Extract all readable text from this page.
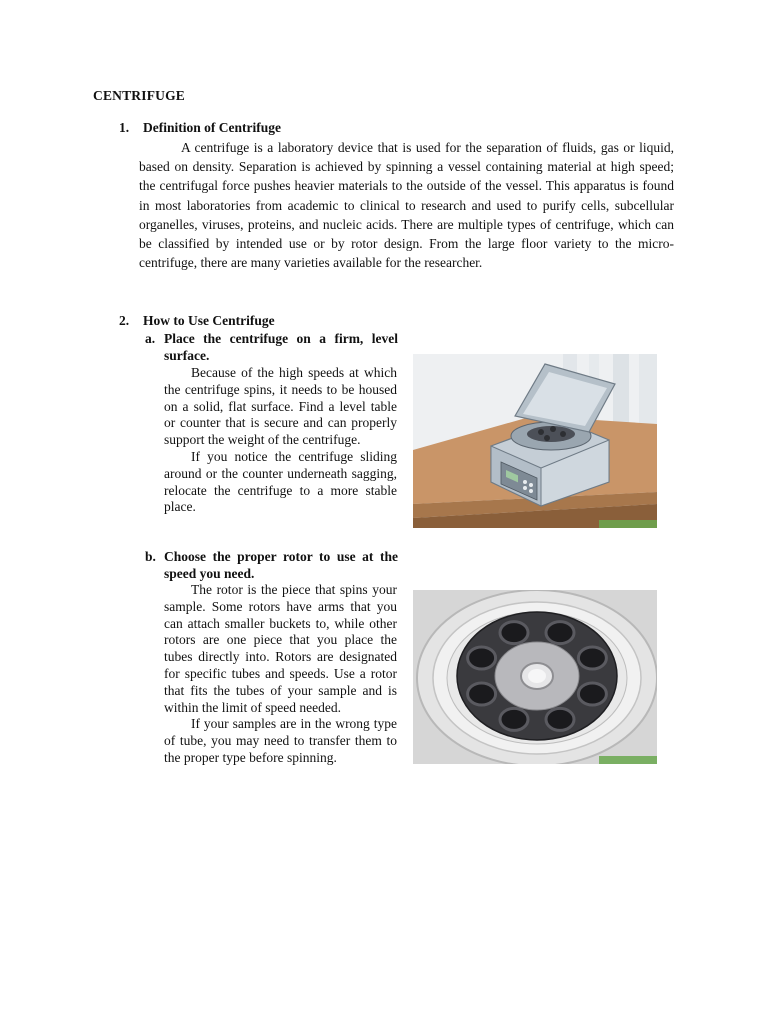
CENTRIFUGE
1. Definition of Centrifuge

A centrifuge is a laboratory device that is used for the separation of fluids, gas or liquid, based on density. Separation is achieved by spinning a vessel containing material at high speed; the centrifugal force pushes heavier materials to the outside of the vessel. This apparatus is found in most laboratories from academic to clinical to research and used to purify cells, subcellular organelles, viruses, proteins, and nucleic acids. There are multiple types of centrifuge, which can be classified by intended use or by rotor design. From the large floor variety to the micro-centrifuge, there are many varieties available for the researcher.

2. How to Use Centrifuge
a. Place the centrifuge on a firm, level surface.

Because of the high speeds at which the centrifuge spins, it needs to be housed on a solid, flat surface. Find a level table or counter that is secure and can properly support the weight of the centrifuge.

If you notice the centrifuge sliding around or the counter underneath sagging, relocate the centrifuge to a more stable place.

b. Choose the proper rotor to use at the speed you need.

The rotor is the piece that spins your sample. Some rotors have arms that you can attach smaller buckets to, while other rotors are one piece that you place the tubes directly into. Rotors are designated for specific tubes and speeds. Use a rotor that fits the tubes of your sample and is within the limit of speed needed.

If your samples are in the wrong type of tube, you may need to transfer them to the proper type before spinning.
